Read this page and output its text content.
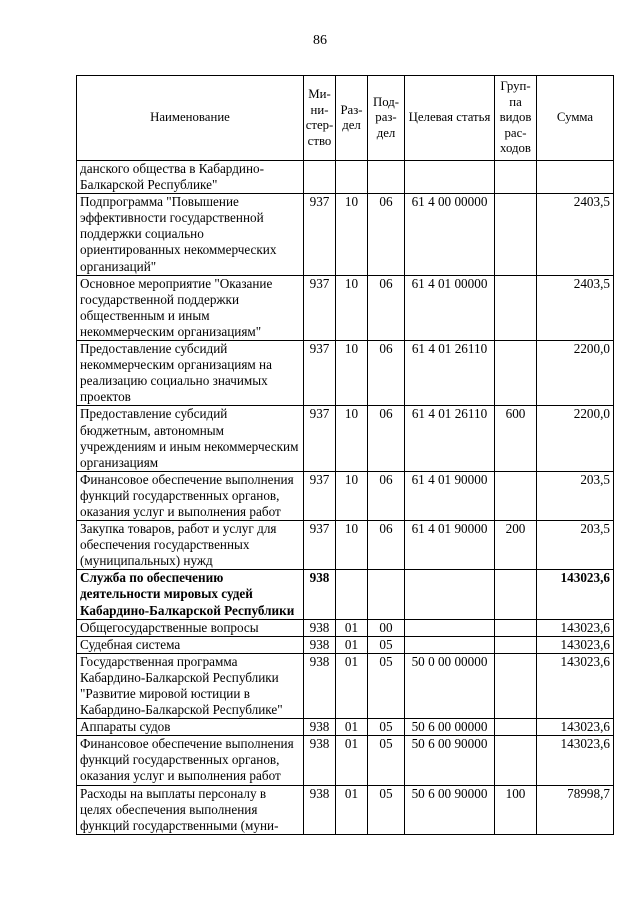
86
Наименование	Ми-ни-стер-ство	Раз-дел	Под-раз-дел	Целевая статья	Груп-па видов рас-ходов	Сумма
данского общества в Кабардино-Балкарской Республике"						
Подпрограмма "Повышение эффективности государственной поддержки социально ориентированных некоммерческих организаций"	937	10	06	61 4 00 00000		2403,5
Основное мероприятие "Оказание государственной поддержки общественным и иным некоммерческим организациям"	937	10	06	61 4 01 00000		2403,5
Предоставление субсидий некоммерческим организациям на реализацию социально значимых проектов	937	10	06	61 4 01 26110		2200,0
Предоставление субсидий бюджетным, автономным учреждениям и иным некоммерческим организациям	937	10	06	61 4 01 26110	600	2200,0
Финансовое обеспечение выполнения функций государственных органов, оказания услуг и выполнения работ	937	10	06	61 4 01 90000		203,5
Закупка товаров, работ и услуг для обеспечения государственных (муниципальных) нужд	937	10	06	61 4 01 90000	200	203,5
Служба по обеспечению деятельности мировых судей Кабардино-Балкарской Республики	938					143023,6
Общегосударственные вопросы	938	01	00			143023,6
Судебная система	938	01	05			143023,6
Государственная программа Кабардино-Балкарской Республики "Развитие мировой юстиции в Кабардино-Балкарской Республике"	938	01	05	50 0 00 00000		143023,6
Аппараты судов	938	01	05	50 6 00 00000		143023,6
Финансовое обеспечение выполнения функций государственных органов, оказания услуг и выполнения работ	938	01	05	50 6 00 90000		143023,6
Расходы на выплаты персоналу в целях обеспечения выполнения функций государственными (муни-	938	01	05	50 6 00 90000	100	78998,7
